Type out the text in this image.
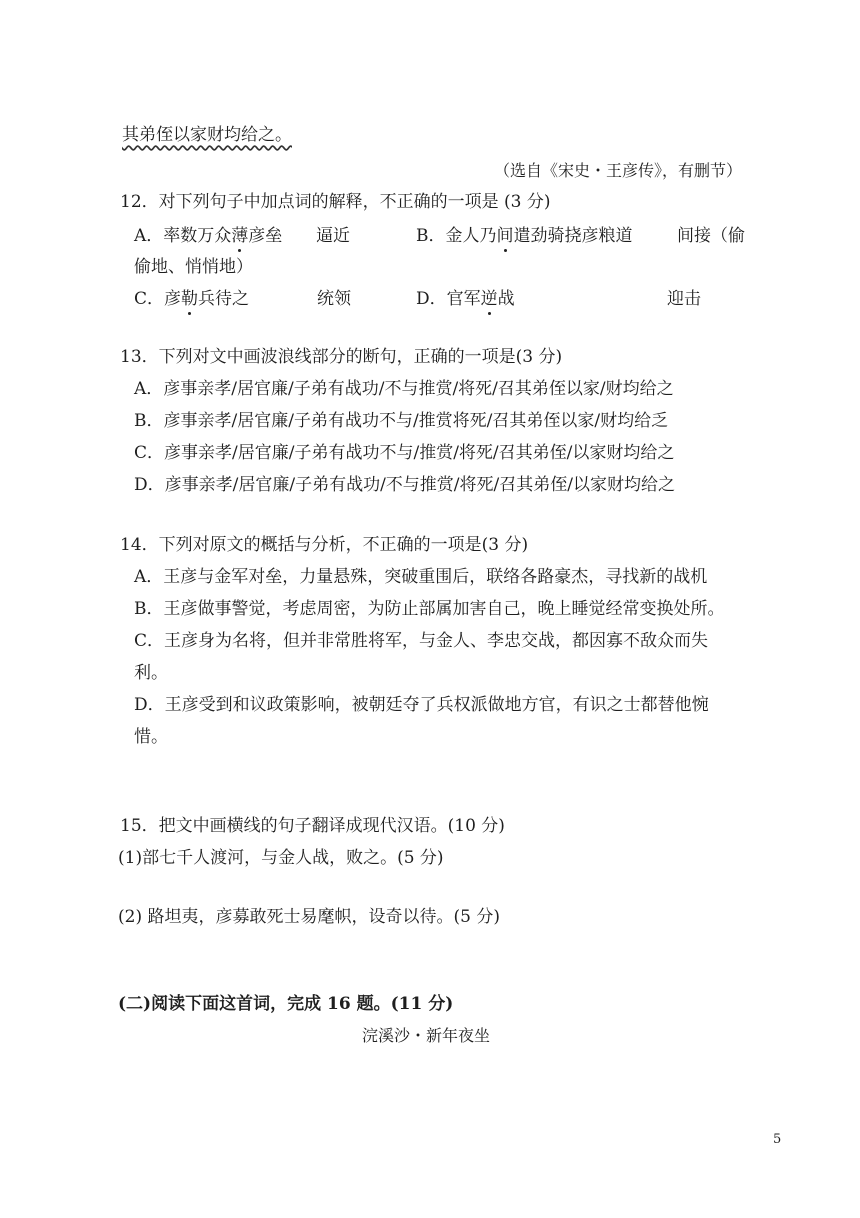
其弟侄以家财均给之。
（选自《宋史・王彦传》，有删节）
12．对下列句子中加点词的解释，不正确的一项是 (3 分)
A．率数万众薄彦垒 逼近	B．金人乃间遣劲骑挠彦粮道	间接（偷
偷地、悄悄地）
C．彦勒兵待之	统领	D．官军逆战	迎击
13．下列对文中画波浪线部分的断句，正确的一项是(3 分)
A．彦事亲孝/居官廉/子弟有战功/不与推赏/将死/召其弟侄以家/财均给之
B．彦事亲孝/居官廉/子弟有战功不与/推赏将死/召其弟侄以家/财均给乏
C．彦事亲孝/居官廉/子弟有战功不与/推赏/将死/召其弟侄/以家财均给之
D．彦事亲孝/居官廉/子弟有战功/不与推赏/将死/召其弟侄/以家财均给之
14．下列对原文的概括与分析，不正确的一项是(3 分)
A．王彦与金军对垒，力量悬殊，突破重围后，联络各路豪杰，寻找新的战机
B．王彦做事警觉，考虑周密，为防止部属加害自己，晚上睡觉经常变换处所。
C．王彦身为名将，但并非常胜将军，与金人、李忠交战，都因寡不敌众而失
利。
D．王彦受到和议政策影响，被朝廷夺了兵权派做地方官，有识之士都替他惋
惜。
15．把文中画横线的句子翻译成现代汉语。(10 分)
(1)部七千人渡河，与金人战，败之。(5 分)
(2) 路坦夷，彦募敢死士易麾帜，设奇以待。(5 分)
(二)阅读下面这首词，完成 16 题。(11 分)
浣溪沙・新年夜坐
5
